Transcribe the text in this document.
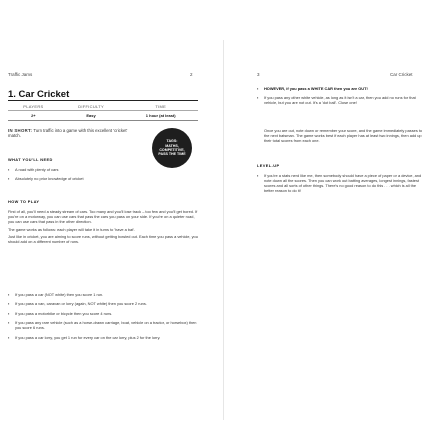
Traffic Jams	2
1. Car Cricket
PLAYERS	DIFFICULTY	TIME
2+	Easy	1 hour (at least)
IN SHORT: Turn traffic into a game with this excellent 'cricket' match.
TAGS:
MATHS,
COMPETITIVE,
PASS THE TIME
WHAT YOU'LL NEED
▪ A road with plenty of cars
▪ Absolutely no prior knowledge of cricket
HOW TO PLAY

First of all, you'll need a steady stream of cars. Too many and you'll lose track – too few and you'll get bored. If you're on a motorway, you can use cars that pass the cars you pass on your side. If you're on a quieter road, you can use cars that pass in the other direction.

The game works as follows: each player will take it in turns to 'have a bat'.

Just like in cricket, you are aiming to score runs, without getting bowled out. Each time you pass a vehicle, you should add on a different number of runs.

▪ If you pass a car (NOT white) then you score 1 run.
▪ If you pass a van, caravan or lorry (again, NOT white) then you score 2 runs.
▪ If you pass a motorbike or bicycle then you score 4 runs.
▪ If you pass any rare vehicle (such as a horse-drawn carriage, boat, vehicle on a tractor, or horsebox) then you score 6 runs.
▪ If you pass a car lorry, you get 1 run for every car on the car lorry, plus 2 for the lorry.
3	Car Cricket
▪ HOWEVER, if you pass a WHITE CAR then you are OUT!
▪ If you pass any other white vehicle, as long as it isn't a car, then you add no runs for that vehicle, but you are not out. It's a 'dot ball'. Close one!
Once you are out, note down or remember your score, and the game immediately passes to the next batsman. The game works best if each player has at least two innings, then add up their total scores from each one.
LEVEL-UP
▪ If you're a stats nerd like me, then somebody should have a piece of paper or a device, and note down all the scores. Then you can work out batting averages, longest innings, fastest scores and all sorts of other things. There's no good reason to do this . . . which is all the better reason to do it!
